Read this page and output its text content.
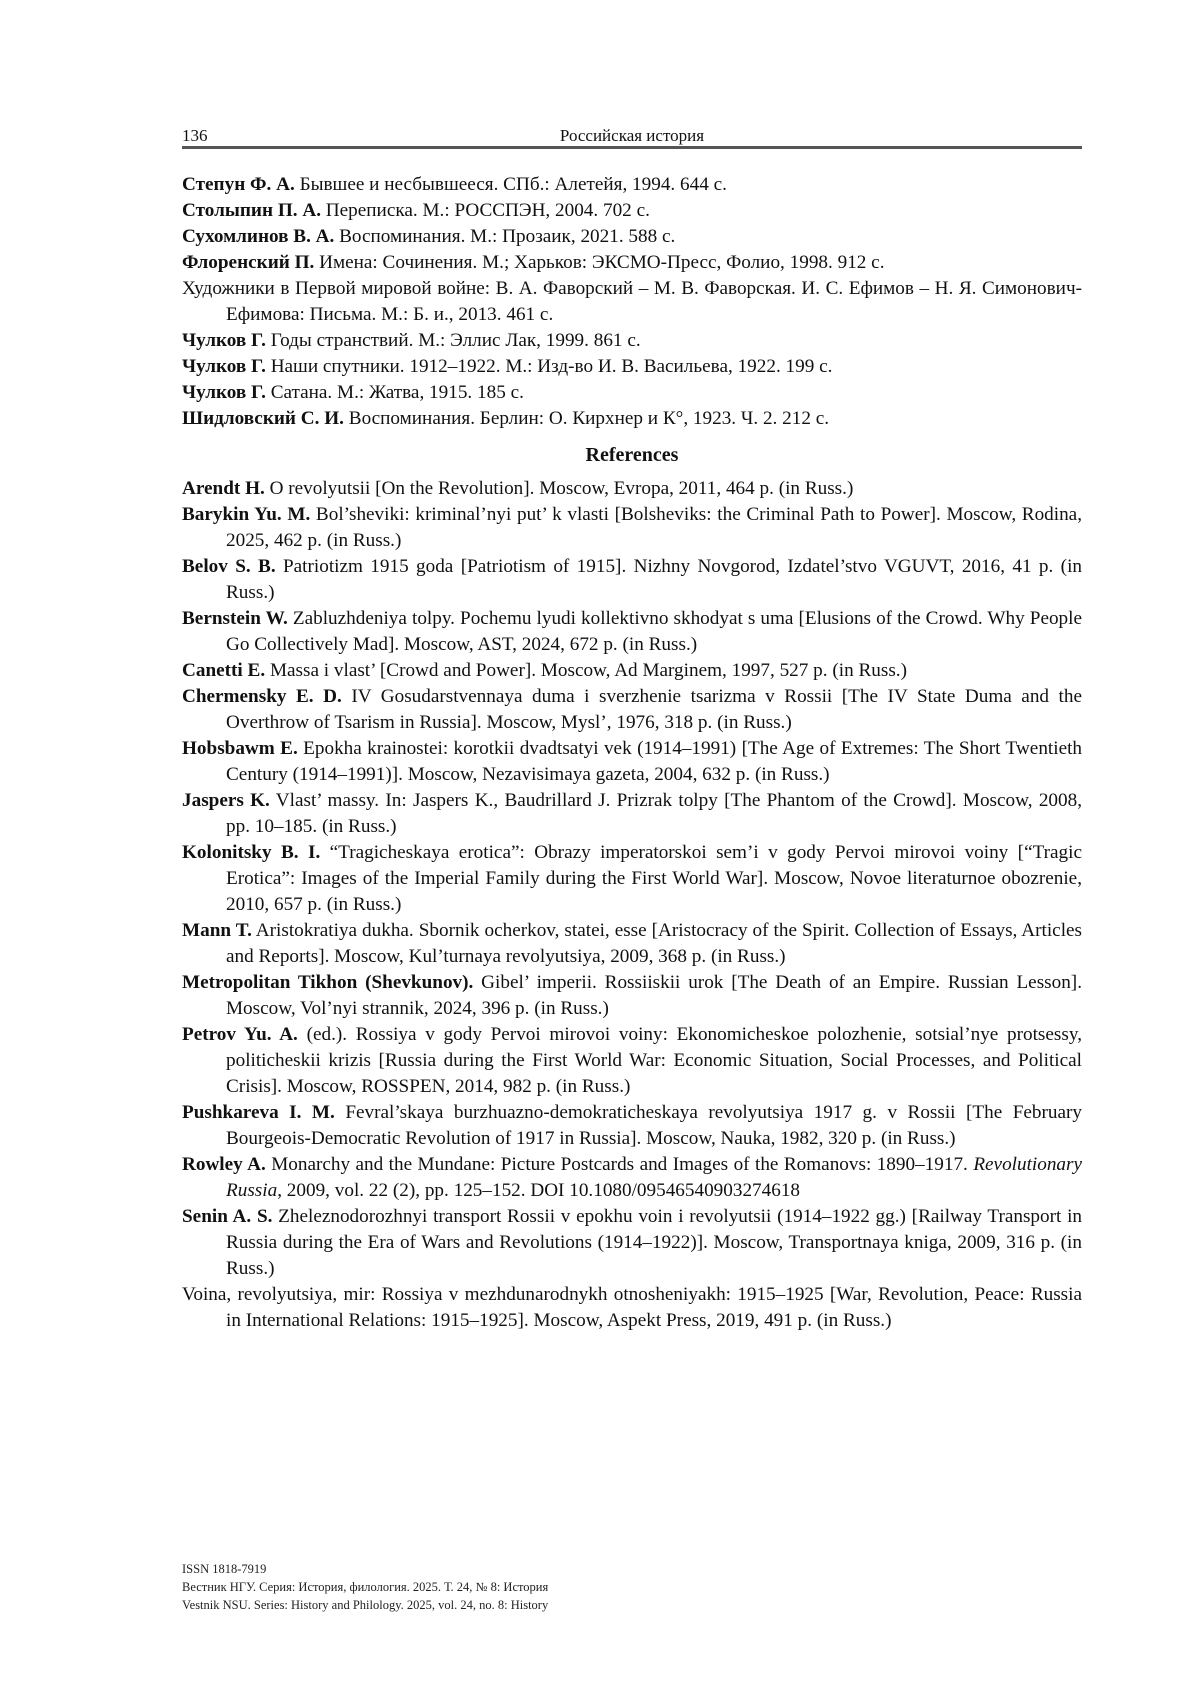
136	Российская история

Степун Ф. А. Бывшее и несбывшееся. СПб.: Алетейя, 1994. 644 с.

Столыпин П. А. Переписка. М.: РОССПЭН, 2004. 702 с.

Сухомлинов В. А. Воспоминания. М.: Прозаик, 2021. 588 с.

Флоренский П. Имена: Сочинения. М.; Харьков: ЭКСМО-Пресс, Фолио, 1998. 912 с.

Художники в Первой мировой войне: В. А. Фаворский – М. В. Фаворская. И. С. Ефимов – Н. Я. Симонович-Ефимова: Письма. М.: Б. и., 2013. 461 с.

Чулков Г. Годы странствий. М.: Эллис Лак, 1999. 861 с.

Чулков Г. Наши спутники. 1912–1922. М.: Изд-во И. В. Васильева, 1922. 199 с.

Чулков Г. Сатана. М.: Жатва, 1915. 185 с.

Шидловский С. И. Воспоминания. Берлин: О. Кирхнер и К°, 1923. Ч. 2. 212 с.

References

Arendt H. O revolyutsii [On the Revolution]. Moscow, Evropa, 2011, 464 p. (in Russ.)

Barykin Yu. M. Bol’sheviki: kriminal’nyi put’ k vlasti [Bolsheviks: the Criminal Path to Power]. Moscow, Rodina, 2025, 462 p. (in Russ.)

Belov S. B. Patriotizm 1915 goda [Patriotism of 1915]. Nizhny Novgorod, Izdatel’stvo VGUVT, 2016, 41 p. (in Russ.)

Bernstein W. Zabluzhdeniya tolpy. Pochemu lyudi kollektivno skhodyat s uma [Elusions of the Crowd. Why People Go Collectively Mad]. Moscow, AST, 2024, 672 p. (in Russ.)

Canetti E. Massa i vlast’ [Crowd and Power]. Moscow, Ad Marginem, 1997, 527 p. (in Russ.)

Chermensky E. D. IV Gosudarstvennaya duma i sverzhenie tsarizma v Rossii [The IV State Duma and the Overthrow of Tsarism in Russia]. Moscow, Mysl’, 1976, 318 p. (in Russ.)

Hobsbawm E. Epokha krainostei: korotkii dvadtsatyi vek (1914–1991) [The Age of Extremes: The Short Twentieth Century (1914–1991)]. Moscow, Nezavisimaya gazeta, 2004, 632 p. (in Russ.)

Jaspers K. Vlast’ massy. In: Jaspers K., Baudrillard J. Prizrak tolpy [The Phantom of the Crowd]. Moscow, 2008, pp. 10–185. (in Russ.)

Kolonitsky B. I. “Tragicheskaya erotica”: Obrazy imperatorskoi sem’i v gody Pervoi mirovoi voiny [“Tragic Erotica”: Images of the Imperial Family during the First World War]. Moscow, Novoe literaturnoe obozrenie, 2010, 657 p. (in Russ.)

Mann T. Aristokratiya dukha. Sbornik ocherkov, statei, esse [Aristocracy of the Spirit. Collection of Essays, Articles and Reports]. Moscow, Kul’turnaya revolyutsiya, 2009, 368 p. (in Russ.)

Metropolitan Tikhon (Shevkunov). Gibel’ imperii. Rossiiskii urok [The Death of an Empire. Russian Lesson]. Moscow, Vol’nyi strannik, 2024, 396 p. (in Russ.)

Petrov Yu. A. (ed.). Rossiya v gody Pervoi mirovoi voiny: Ekonomicheskoe polozhenie, sotsial’nye protsessy, politicheskii krizis [Russia during the First World War: Economic Situation, Social Processes, and Political Crisis]. Moscow, ROSSPEN, 2014, 982 p. (in Russ.)

Pushkareva I. M. Fevral’skaya burzhuazno-demokraticheskaya revolyutsiya 1917 g. v Rossii [The February Bourgeois-Democratic Revolution of 1917 in Russia]. Moscow, Nauka, 1982, 320 p. (in Russ.)

Rowley A. Monarchy and the Mundane: Picture Postcards and Images of the Romanovs: 1890–1917. Revolutionary Russia, 2009, vol. 22 (2), pp. 125–152. DOI 10.1080/09546540903274618

Senin A. S. Zheleznodorozhnyi transport Rossii v epokhu voin i revolyutsii (1914–1922 gg.) [Railway Transport in Russia during the Era of Wars and Revolutions (1914–1922)]. Moscow, Transportnaya kniga, 2009, 316 p. (in Russ.)

Voina, revolyutsiya, mir: Rossiya v mezhdunarodnykh otnosheniyakh: 1915–1925 [War, Revolution, Peace: Russia in International Relations: 1915–1925]. Moscow, Aspekt Press, 2019, 491 p. (in Russ.)

ISSN 1818-7919
Вестник НГУ. Серия: История, филология. 2025. Т. 24, № 8: История
Vestnik NSU. Series: History and Philology. 2025, vol. 24, no. 8: History
